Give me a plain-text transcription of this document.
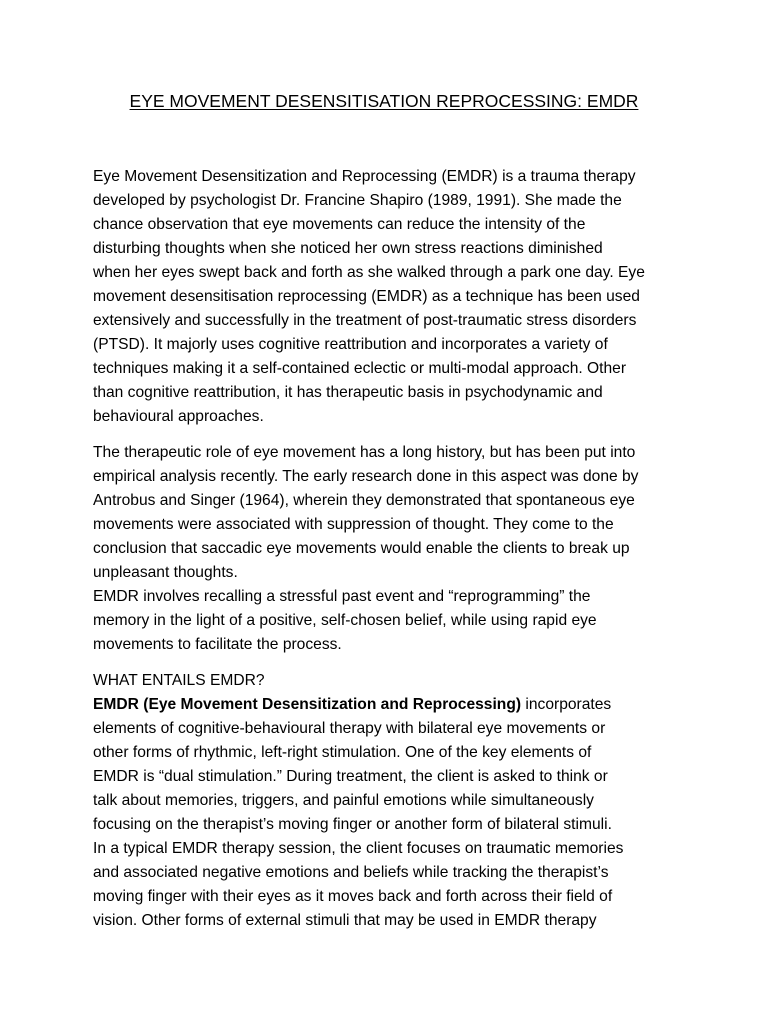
EYE MOVEMENT DESENSITISATION REPROCESSING: EMDR

Eye Movement Desensitization and Reprocessing (EMDR) is a trauma therapy
developed by psychologist Dr. Francine Shapiro (1989, 1991). She made the
chance observation that eye movements can reduce the intensity of the
disturbing thoughts when she noticed her own stress reactions diminished
when her eyes swept back and forth as she walked through a park one day. Eye
movement desensitisation reprocessing (EMDR) as a technique has been used
extensively and successfully in the treatment of post-traumatic stress disorders
(PTSD). It majorly uses cognitive reattribution and incorporates a variety of
techniques making it a self-contained eclectic or multi-modal approach. Other
than cognitive reattribution, it has therapeutic basis in psychodynamic and
behavioural approaches.

The therapeutic role of eye movement has a long history, but has been put into
empirical analysis recently. The early research done in this aspect was done by
Antrobus and Singer (1964), wherein they demonstrated that spontaneous eye
movements were associated with suppression of thought. They come to the
conclusion that saccadic eye movements would enable the clients to break up
unpleasant thoughts.
EMDR involves recalling a stressful past event and “reprogramming” the
memory in the light of a positive, self-chosen belief, while using rapid eye
movements to facilitate the process.

WHAT ENTAILS EMDR?
EMDR (Eye Movement Desensitization and Reprocessing) incorporates
elements of cognitive-behavioural therapy with bilateral eye movements or
other forms of rhythmic, left-right stimulation. One of the key elements of
EMDR is “dual stimulation.” During treatment, the client is asked to think or
talk about memories, triggers, and painful emotions while simultaneously
focusing on the therapist’s moving finger or another form of bilateral stimuli.
In a typical EMDR therapy session, the client focuses on traumatic memories
and associated negative emotions and beliefs while tracking the therapist’s
moving finger with their eyes as it moves back and forth across their field of
vision. Other forms of external stimuli that may be used in EMDR therapy
